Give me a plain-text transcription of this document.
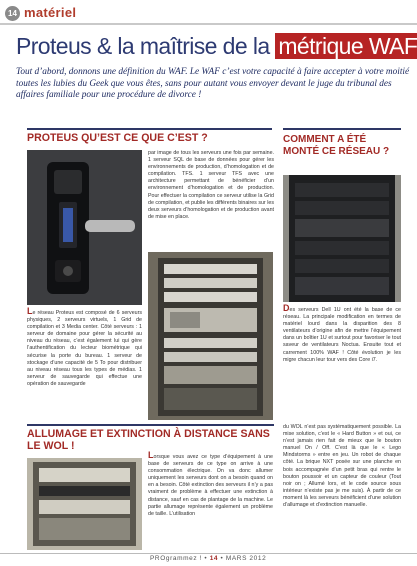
14 matériel
Proteus & la maîtrise de la métrique WAF
Tout d’abord, donnons une définition du WAF. Le WAF c’est votre capacité à faire accepter à votre moitié toutes les lubies du Geek que vous êtes, sans pour autant vous envoyer devant le juge du tribunal des affaires familiale pour une procédure de divorce !
PROTEUS QU’EST CE QUE C’EST ?
par image de tous les serveurs une fois par semaine. 1 serveur SQL de base de données pour gérer les environnements de production, d’homologation et de compilation. TFS. 1 serveur TFS avec une architecture permettant de bénéficier d’un environnement d’homologation et de production. Pour effectuer la compilation ce serveur utilise la Grid de compilation, et publie les différents binaires sur les deux serveurs d’homologation et de production avant de mise en place.
Le réseau Proteus est composé de 6 serveurs physiques, 2 serveurs virtuels, 1 Grid de compilation et 3 Media center. Côté serveurs : 1 serveur de domaine pour gérer la sécurité au niveau du réseau, c’est également lui qui gère l’authentification du lecteur biométrique qui sécurise la porte du bureau. 1 serveur de stockage d’une capacité de 5 To pour distribuer au niveau réseau tous les types de médias. 1 serveur de sauvegarde qui effectue une opération de sauvegarde
COMMENT A ÉTÉ MONTÉ CE RÉSEAU ?
Des serveurs Dell 1U ont été la base de ce réseau. La principale modification en termes de matériel lourd dans la disparition des 8 ventilateurs d’origine afin de mettre l’équipement dans un boîtier 1U et surtout pour favoriser le tout saveur de ventilateurs Noctua. Ensuite tout et carrement 100% WAF ! Côté évolution je les migre chacun leur tour vers des Core i7.
ALLUMAGE ET EXTINCTION À DISTANCE SANS LE WOL !
Lorsque vous avez ce type d’équipement à une base de serveurs de ce type on arrive à une consommation électrique. On va donc allumer uniquement les serveurs dont on a besoin quand on en a besoin. Côté extinction des serveurs il n’y a pas vraiment de problème à effectuer une extinction à distance, sauf en cas de plantage de la machine. Le partie allumage représente également un problème de taille. L’utilisation
du WOL n’est pas systématiquement possible. La mise solution, c’est le « Hard Button » et oui, ce n’est jamais rien fait de mieux que le bouton manuel On / Off. C’est là que le « Lego Mindstorms » entre en jeu. Un robot de chaque côté. La brique NXT posée sur une planche en bois accompagnée d’un petit bras qui rentre le bouton poussoir et un capteur de couleur (Tout noir on ; Allumé lors, et le code source sous intérieur n’existe pas je me suis). À partir de ce moment là les serveurs bénéficient d’une solution d’allumage et d’extinction manuelle.
PROgrammez ! • 14 • MARS 2012
